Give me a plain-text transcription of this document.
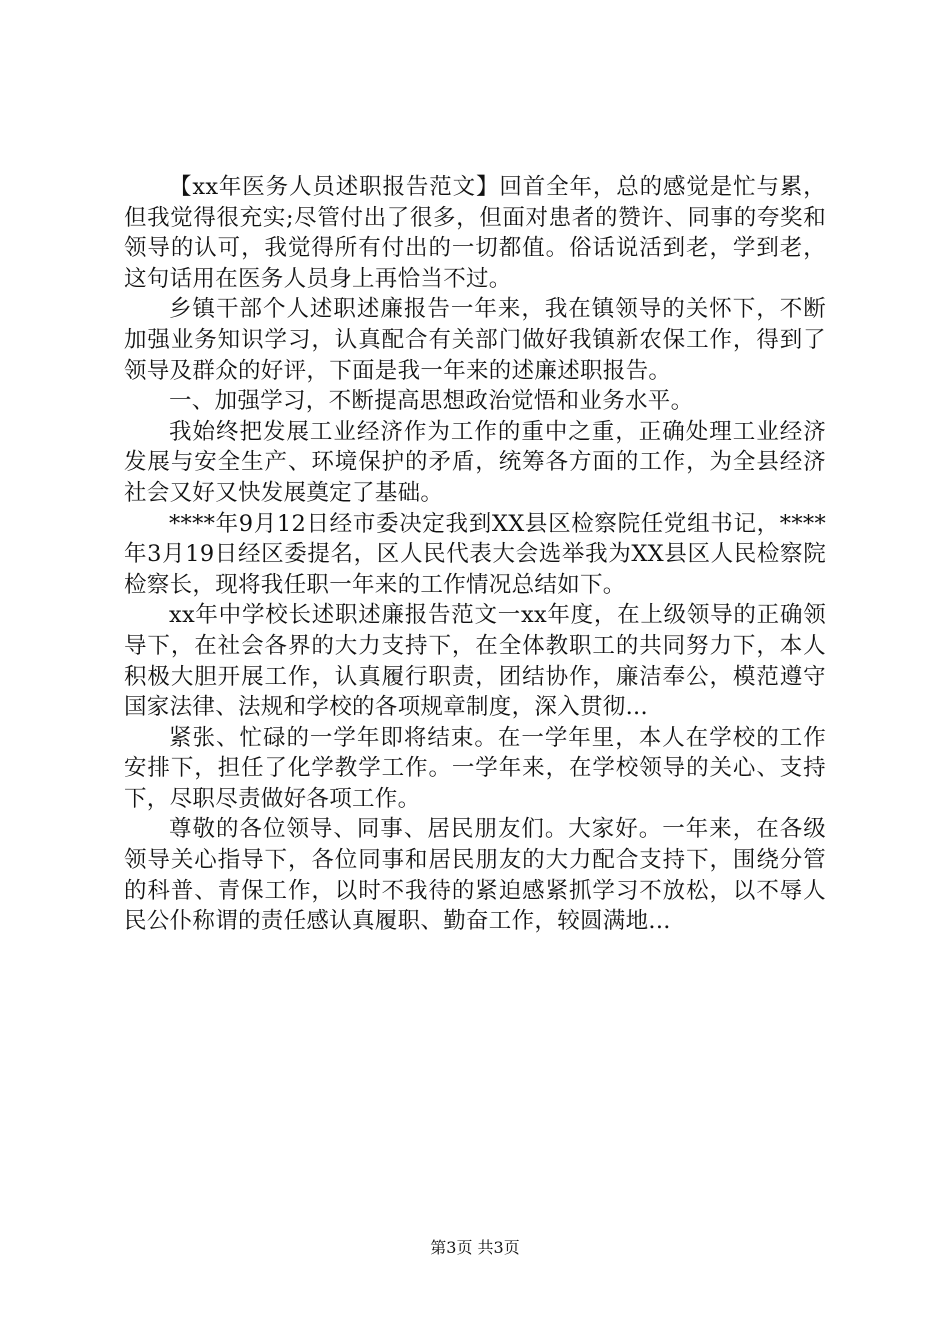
【xx年医务人员述职报告范文】回首全年，总的感觉是忙与累，但我觉得很充实;尽管付出了很多，但面对患者的赞许、同事的夸奖和领导的认可，我觉得所有付出的一切都值。俗话说活到老，学到老，这句话用在医务人员身上再恰当不过。

乡镇干部个人述职述廉报告一年来，我在镇领导的关怀下，不断加强业务知识学习，认真配合有关部门做好我镇新农保工作，得到了领导及群众的好评，下面是我一年来的述廉述职报告。

一、加强学习，不断提高思想政治觉悟和业务水平。

我始终把发展工业经济作为工作的重中之重，正确处理工业经济发展与安全生产、环境保护的矛盾，统筹各方面的工作，为全县经济社会又好又快发展奠定了基础。

****年9月12日经市委决定我到XX县区检察院任党组书记，****年3月19日经区委提名，区人民代表大会选举我为XX县区人民检察院检察长，现将我任职一年来的工作情况总结如下。

xx年中学校长述职述廉报告范文一xx年度，在上级领导的正确领导下，在社会各界的大力支持下，在全体教职工的共同努力下，本人积极大胆开展工作，认真履行职责，团结协作，廉洁奉公，模范遵守国家法律、法规和学校的各项规章制度，深入贯彻...

紧张、忙碌的一学年即将结束。在一学年里，本人在学校的工作安排下，担任了化学教学工作。一学年来，在学校领导的关心、支持下，尽职尽责做好各项工作。

尊敬的各位领导、同事、居民朋友们。大家好。一年来，在各级领导关心指导下，各位同事和居民朋友的大力配合支持下，围绕分管的科普、青保工作，以时不我待的紧迫感紧抓学习不放松，以不辱人民公仆称谓的责任感认真履职、勤奋工作，较圆满地...

第3页 共3页
